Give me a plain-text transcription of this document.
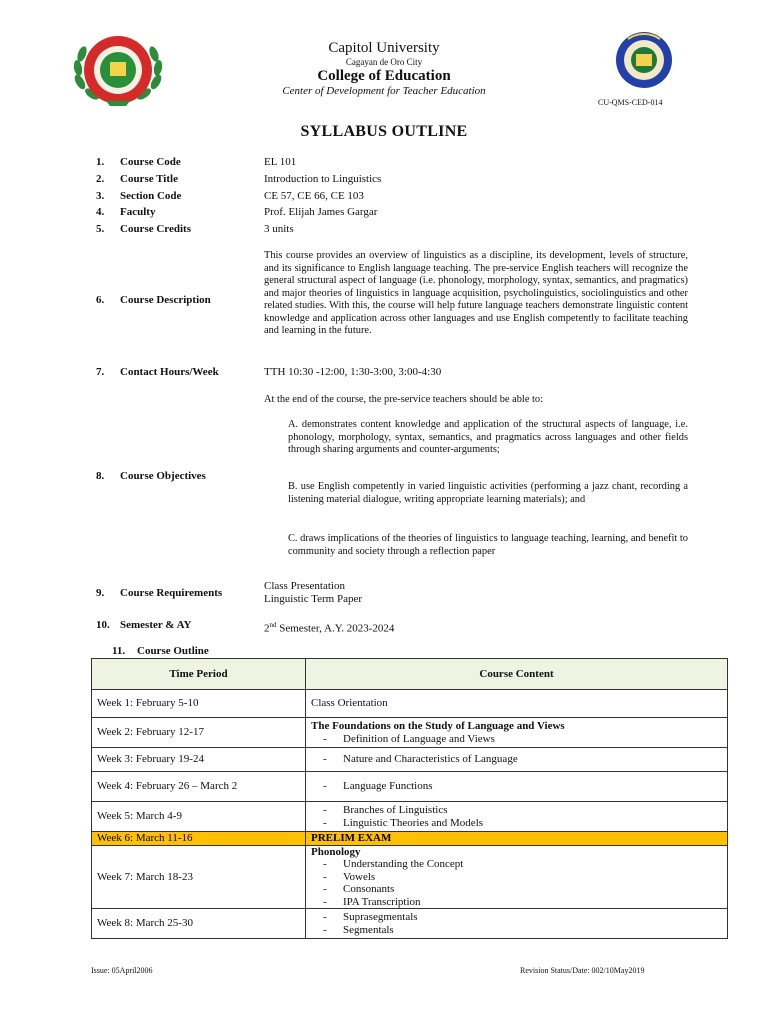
Capitol University
Cagayan de Oro City
College of Education
Center of Development for Teacher Education
CU-QMS-CED-014
SYLLABUS OUTLINE
1. Course Code	EL 101
2. Course Title	Introduction to Linguistics
3. Section Code	CE 57, CE 66, CE 103
4. Faculty	Prof. Elijah James Gargar
5. Course Credits	3 units
6. Course Description
This course provides an overview of linguistics as a discipline, its development, levels of structure, and its significance to English language teaching. The pre-service English teachers will recognize the general structural aspect of language (i.e. phonology, morphology, syntax, semantics, and pragmatics) and major theories of linguistics in language acquisition, psycholinguistics, sociolinguistics and other related studies. With this, the course will help future language teachers demonstrate linguistic content knowledge and application across other languages and use English competently to facilitate teaching and learning in the future.
7. Contact Hours/Week	TTH 10:30 -12:00, 1:30-3:00, 3:00-4:30
At the end of the course, the pre-service teachers should be able to:
A. demonstrates content knowledge and application of the structural aspects of language, i.e. phonology, morphology, syntax, semantics, and pragmatics across languages and other fields through sharing arguments and counter-arguments;
8. Course Objectives
B. use English competently in varied linguistic activities (performing a jazz chant, recording a listening material dialogue, writing appropriate learning materials); and
C. draws implications of the theories of linguistics to language teaching, learning, and benefit to community and society through a reflection paper
9. Course Requirements
Class Presentation
Linguistic Term Paper
10. Semester & AY	2nd Semester, A.Y. 2023-2024
11. Course Outline
Time Period	Course Content
Week 1: February 5-10	Class Orientation

Week 2: February 12-17	The Foundations on the Study of Language and Views
- Definition of Language and Views

Week 3: February 19-24	- Nature and Characteristics of Language

Week 4: February 26 – March 2	- Language Functions

Week 5: March 4-9	- Branches of Linguistics
- Linguistic Theories and Models

Week 6: March 11-16	PRELIM EXAM
Week 7: March 18-23	Phonology
- Understanding the Concept
- Vowels
- Consonants
- IPA Transcription

Week 8: March 25-30	- Suprasegmentals
- Segmentals
Issue: 05April2006	Revision Status/Date: 002/10May2019
